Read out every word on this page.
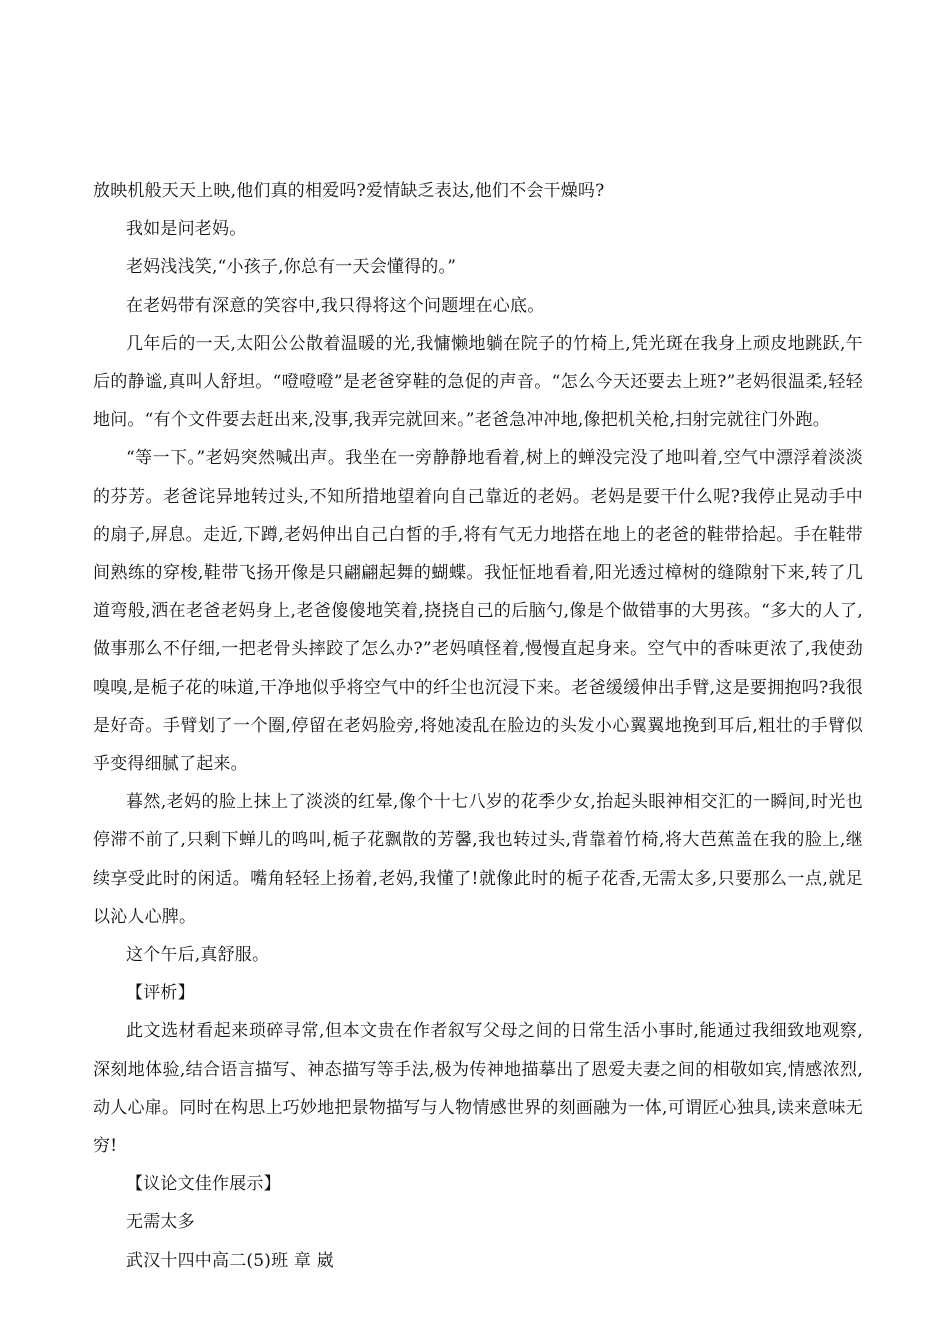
放映机般天天上映,他们真的相爱吗?爱情缺乏表达,他们不会干燥吗?

我如是问老妈。

老妈浅浅笑,“小孩子,你总有一天会懂得的。”

在老妈带有深意的笑容中,我只得将这个问题埋在心底。

几年后的一天,太阳公公散着温暖的光,我慵懒地躺在院子的竹椅上,凭光斑在我身上顽皮地跳跃,午后的静谧,真叫人舒坦。“噔噔噔”是老爸穿鞋的急促的声音。“怎么今天还要去上班?”老妈很温柔,轻轻地问。“有个文件要去赶出来,没事,我弄完就回来。”老爸急冲冲地,像把机关枪,扫射完就往门外跑。

“等一下。”老妈突然喊出声。我坐在一旁静静地看着,树上的蝉没完没了地叫着,空气中漂浮着淡淡的芬芳。老爸诧异地转过头,不知所措地望着向自己靠近的老妈。老妈是要干什么呢?我停止晃动手中的扇子,屏息。走近,下蹲,老妈伸出自己白皙的手,将有气无力地搭在地上的老爸的鞋带拾起。手在鞋带间熟练的穿梭,鞋带飞扬开像是只翩翩起舞的蝴蝶。我怔怔地看着,阳光透过樟树的缝隙射下来,转了几道弯般,洒在老爸老妈身上,老爸傻傻地笑着,挠挠自己的后脑勺,像是个做错事的大男孩。“多大的人了,做事那么不仔细,一把老骨头摔跤了怎么办?”老妈嗔怪着,慢慢直起身来。空气中的香味更浓了,我使劲嗅嗅,是栀子花的味道,干净地似乎将空气中的纤尘也沉浸下来。老爸缓缓伸出手臂,这是要拥抱吗?我很是好奇。手臂划了一个圈,停留在老妈脸旁,将她凌乱在脸边的头发小心翼翼地挽到耳后,粗壮的手臂似乎变得细腻了起来。

暮然,老妈的脸上抹上了淡淡的红晕,像个十七八岁的花季少女,抬起头眼神相交汇的一瞬间,时光也停滞不前了,只剩下蝉儿的鸣叫,栀子花飘散的芳馨,我也转过头,背靠着竹椅,将大芭蕉盖在我的脸上,继续享受此时的闲适。嘴角轻轻上扬着,老妈,我懂了!就像此时的栀子花香,无需太多,只要那么一点,就足以沁人心脾。

这个午后,真舒服。

【评析】

此文选材看起来琐碎寻常,但本文贵在作者叙写父母之间的日常生活小事时,能通过我细致地观察,深刻地体验,结合语言描写、神态描写等手法,极为传神地描摹出了恩爱夫妻之间的相敬如宾,情感浓烈,动人心扉。同时在构思上巧妙地把景物描写与人物情感世界的刻画融为一体,可谓匠心独具,读来意味无穷!

【议论文佳作展示】

无需太多

武汉十四中高二(5)班 章 崴
